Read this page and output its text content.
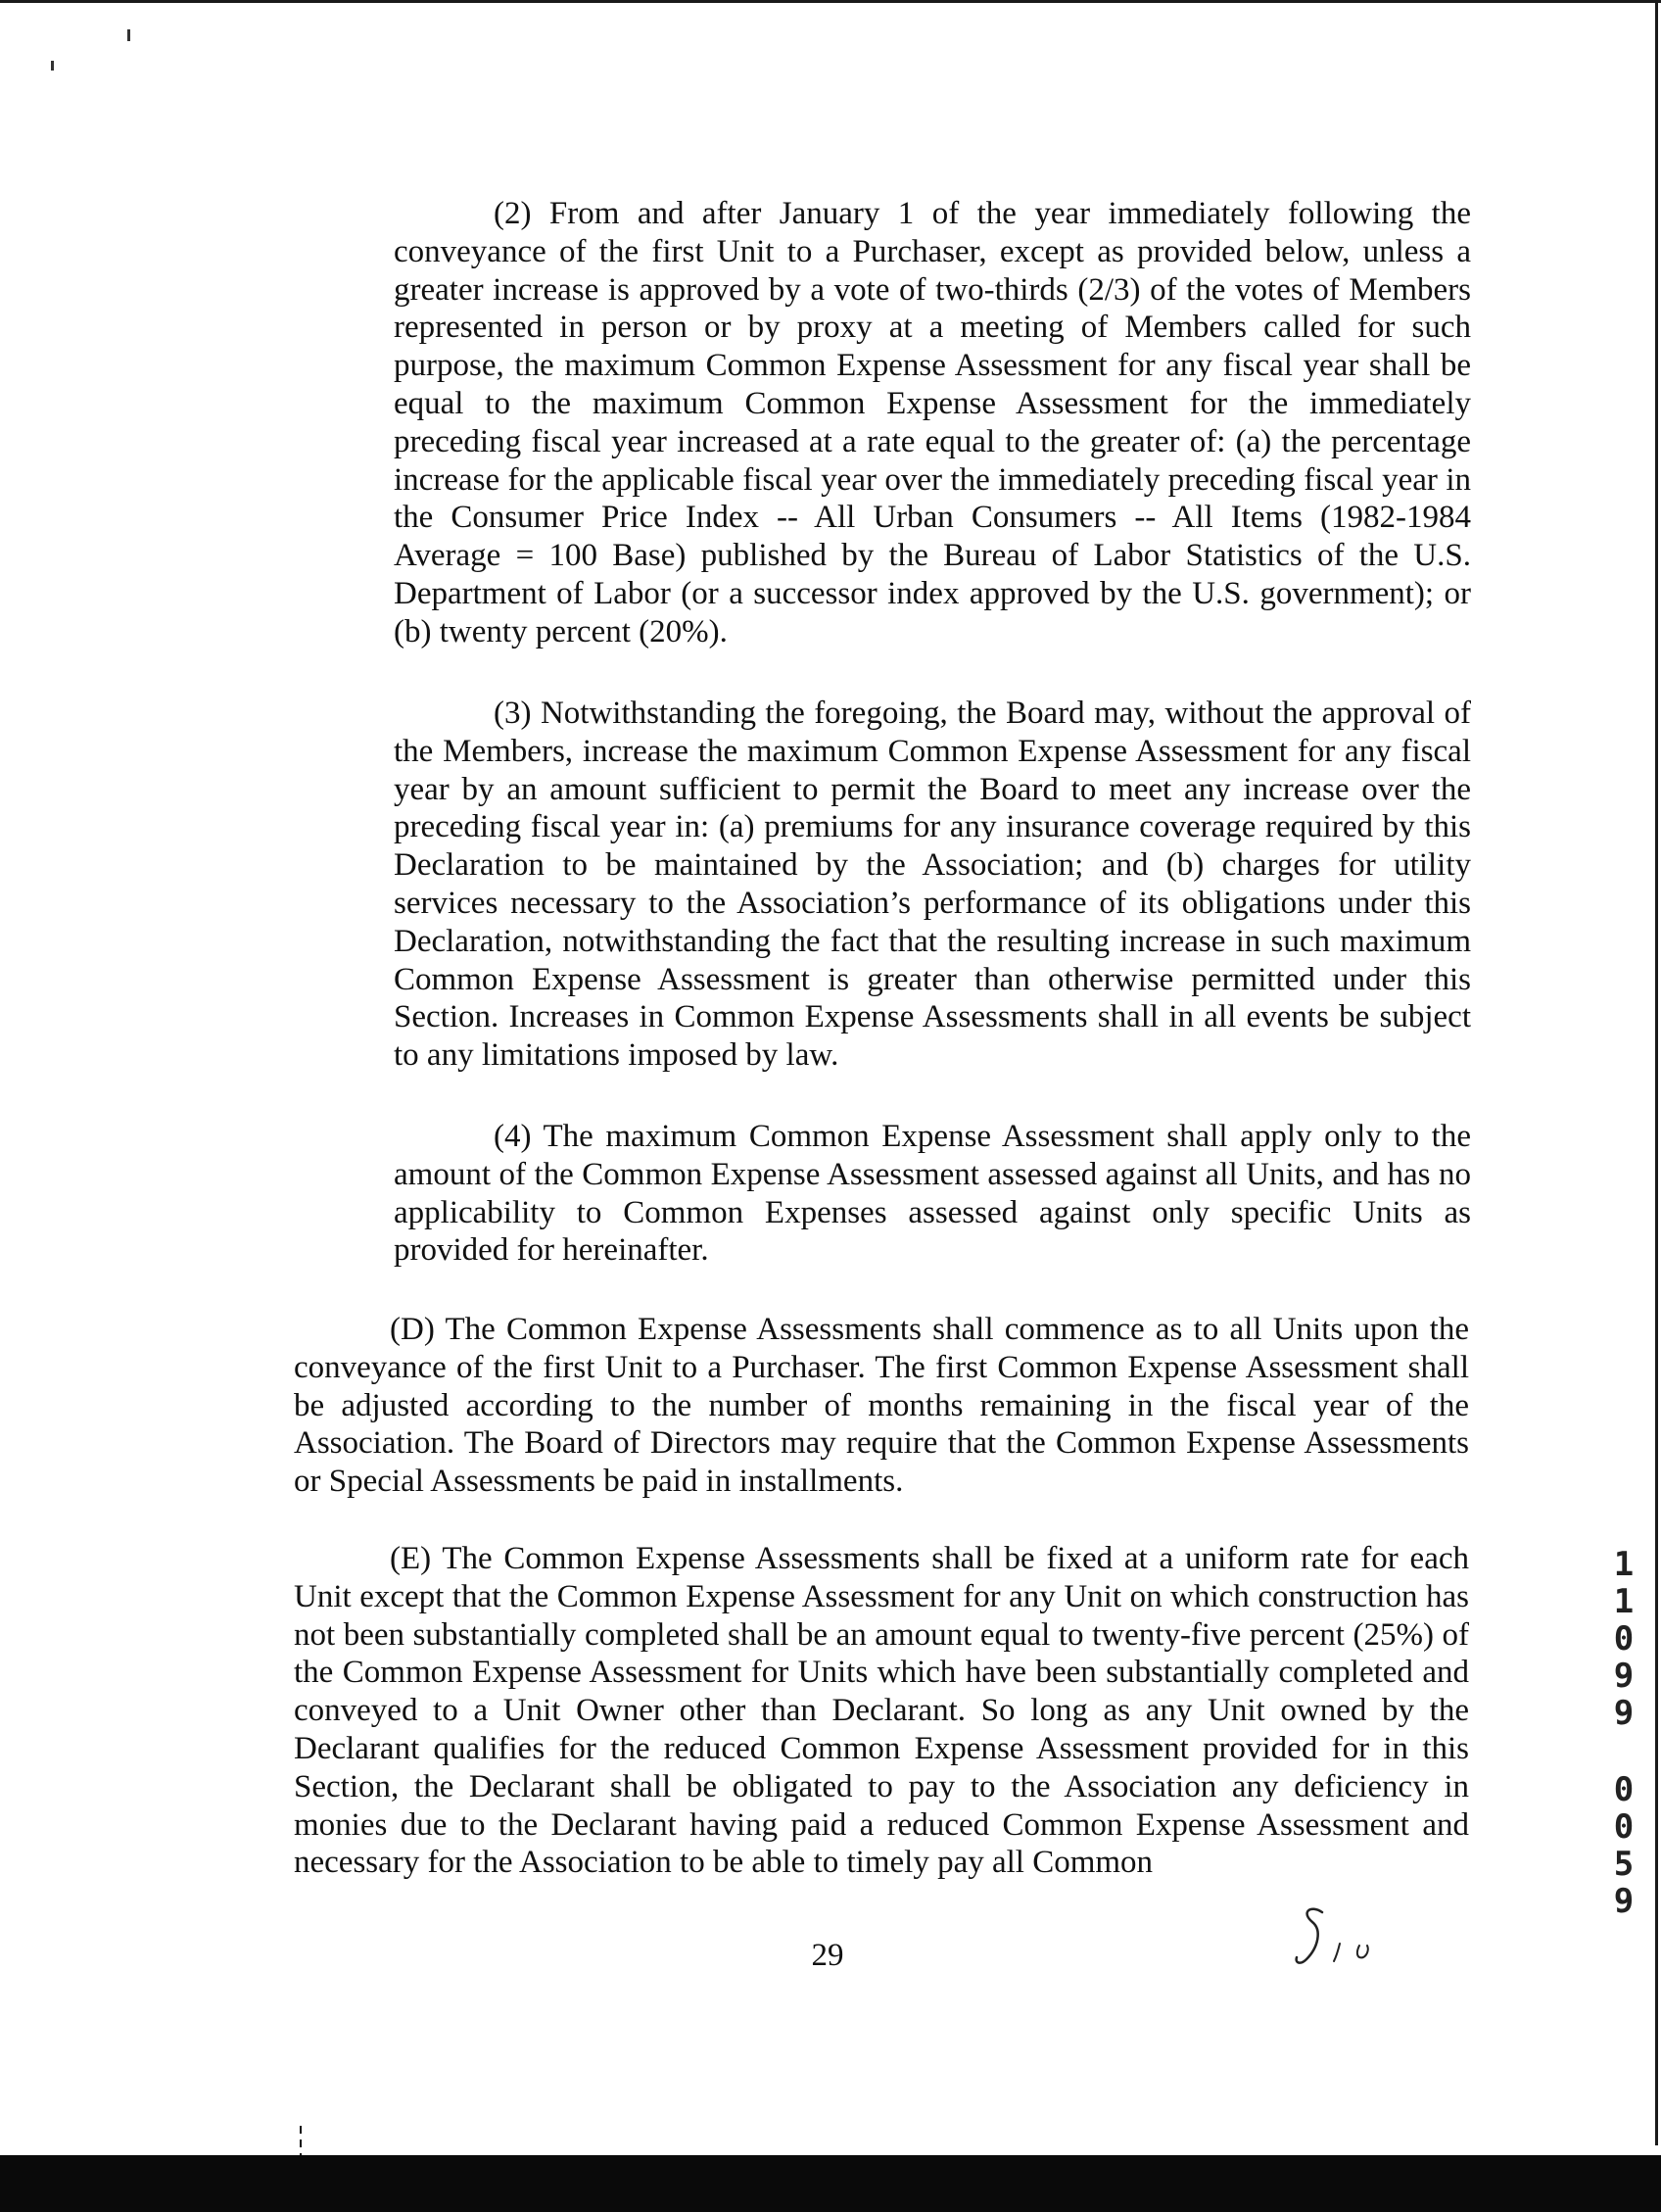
(2) From and after January 1 of the year immediately following the conveyance of the first Unit to a Purchaser, except as provided below, unless a greater increase is approved by a vote of two-thirds (2/3) of the votes of Members represented in person or by proxy at a meeting of Members called for such purpose, the maximum Common Expense Assessment for any fiscal year shall be equal to the maximum Common Expense Assessment for the immediately preceding fiscal year increased at a rate equal to the greater of: (a) the percentage increase for the applicable fiscal year over the immediately preceding fiscal year in the Consumer Price Index -- All Urban Consumers -- All Items (1982-1984 Average = 100 Base) published by the Bureau of Labor Statistics of the U.S. Department of Labor (or a successor index approved by the U.S. government); or (b) twenty percent (20%).

(3) Notwithstanding the foregoing, the Board may, without the approval of the Members, increase the maximum Common Expense Assessment for any fiscal year by an amount sufficient to permit the Board to meet any increase over the preceding fiscal year in: (a) premiums for any insurance coverage required by this Declaration to be maintained by the Association; and (b) charges for utility services necessary to the Association’s performance of its obligations under this Declaration, notwithstanding the fact that the resulting increase in such maximum Common Expense Assessment is greater than otherwise permitted under this Section. Increases in Common Expense Assessments shall in all events be subject to any limitations imposed by law.

(4) The maximum Common Expense Assessment shall apply only to the amount of the Common Expense Assessment assessed against all Units, and has no applicability to Common Expenses assessed against only specific Units as provided for hereinafter.

(D) The Common Expense Assessments shall commence as to all Units upon the conveyance of the first Unit to a Purchaser. The first Common Expense Assessment shall be adjusted according to the number of months remaining in the fiscal year of the Association. The Board of Directors may require that the Common Expense Assessments or Special Assessments be paid in installments.

(E) The Common Expense Assessments shall be fixed at a uniform rate for each Unit except that the Common Expense Assessment for any Unit on which construction has not been substantially completed shall be an amount equal to twenty-five percent (25%) of the Common Expense Assessment for Units which have been substantially completed and conveyed to a Unit Owner other than Declarant. So long as any Unit owned by the Declarant qualifies for the reduced Common Expense Assessment provided for in this Section, the Declarant shall be obligated to pay to the Association any deficiency in monies due to the Declarant having paid a reduced Common Expense Assessment and necessary for the Association to be able to timely pay all Common

29
1
1
0
9
9
0
0
5
9
